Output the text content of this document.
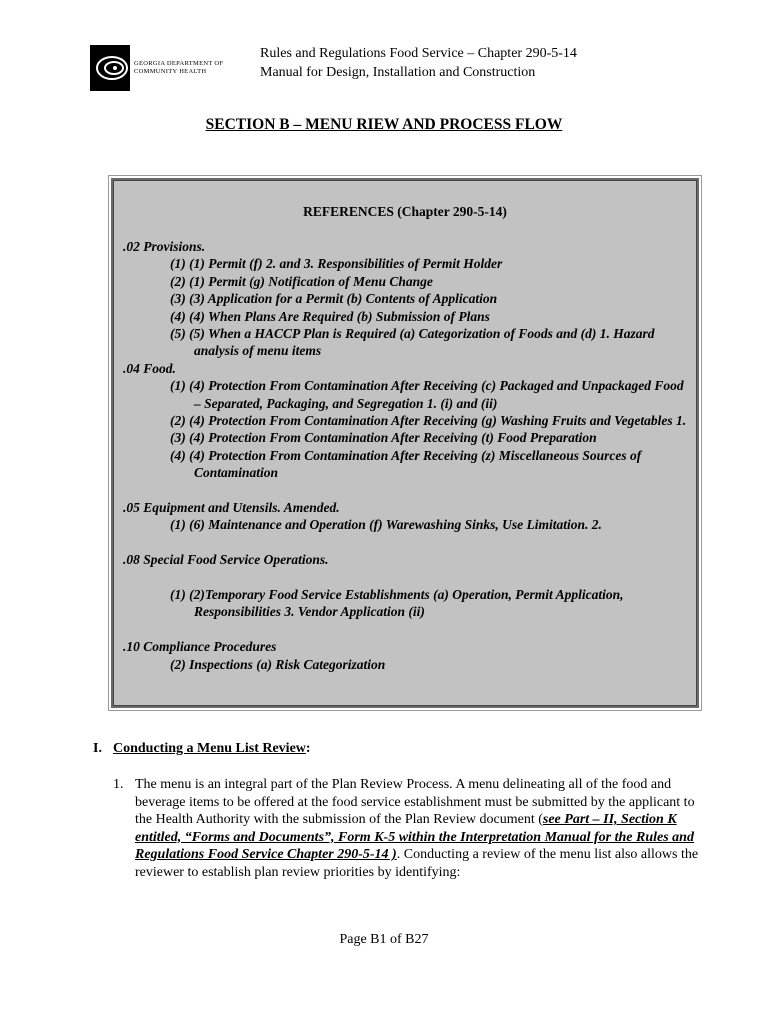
GEORGIA DEPARTMENT OF
COMMUNITY HEALTH
Rules and Regulations Food Service – Chapter 290-5-14
Manual for Design, Installation and Construction
SECTION B – MENU RIEW AND PROCESS FLOW
REFERENCES (Chapter 290-5-14)
.02 Provisions.
(1) (1) Permit (f) 2. and 3. Responsibilities of Permit Holder
(2) (1) Permit (g) Notification of Menu Change
(3) (3) Application for a Permit (b) Contents of Application
(4) (4) When Plans Are Required (b) Submission of Plans
(5) (5) When a HACCP Plan is Required (a) Categorization of Foods and (d) 1. Hazard analysis of menu items
.04 Food.
(1) (4) Protection From Contamination After Receiving (c) Packaged and Unpackaged Food – Separated, Packaging, and Segregation 1. (i) and (ii)
(2) (4) Protection From Contamination After Receiving (g) Washing Fruits and Vegetables 1.
(3) (4) Protection From Contamination After Receiving (t) Food Preparation
(4) (4) Protection From Contamination After Receiving (z) Miscellaneous Sources of Contamination
.05 Equipment and Utensils. Amended.
(1) (6) Maintenance and Operation (f) Warewashing Sinks, Use Limitation. 2.
.08 Special Food Service Operations.
(1) (2)Temporary Food Service Establishments (a) Operation, Permit Application, Responsibilities 3. Vendor Application (ii)
.10 Compliance Procedures
(2) Inspections (a) Risk Categorization
I. Conducting a Menu List Review:
1. The menu is an integral part of the Plan Review Process. A menu delineating all of the food and beverage items to be offered at the food service establishment must be submitted by the applicant to the Health Authority with the submission of the Plan Review document (see Part – II, Section K entitled, “Forms and Documents”, Form K-5 within the Interpretation Manual for the Rules and Regulations Food Service Chapter 290-5-14 ). Conducting a review of the menu list also allows the reviewer to establish plan review priorities by identifying:
Page B1 of B27
